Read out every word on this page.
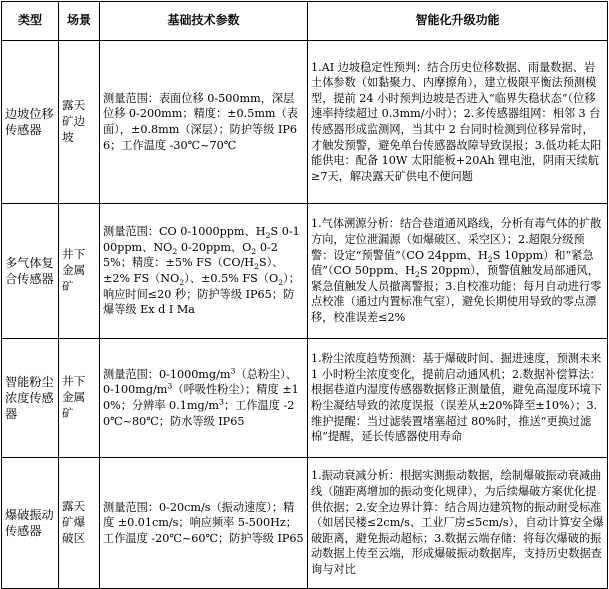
类型	场景	基础技术参数	智能化升级功能
边坡位移传感器	露天矿边坡	测量范围：表面位移 0-500mm，深层位移 0-200mm；精度：±0.5mm（表面），±0.8mm（深层）；防护等级 IP66；工作温度 -30℃~70℃	1.AI 边坡稳定性预判：结合历史位移数据、雨量数据、岩土体参数（如黏聚力、内摩擦角），建立极限平衡法预测模型，提前 24 小时预判边坡是否进入“临界失稳状态”（位移速率持续超过 0.3mm/小时）；2.多传感器组网：相邻 3 台传感器形成监测网，当其中 2 台同时检测到位移异常时，才触发预警，避免单台传感器故障导致误报；3.低功耗太阳能供电：配备 10W 太阳能板+20Ah 锂电池，阴雨天续航≥7天，解决露天矿供电不便问题
多气体复合传感器	井下金属矿	测量范围：CO 0-1000ppm、$H_2S$ 0-100ppm、$NO_2$ 0-20ppm、$O_2$ 0-25%；精度：±5% $FS(CO/H_2S)$、±2% $FS(NO_2)$、±0.5% $FS(O_2)$；响应时间≤20 秒；防护等级 IP65；防爆等级 Ex d I Ma	1.气体溯源分析：结合巷道通风路线，分析有毒气体的扩散方向，定位泄漏源（如爆破区、采空区）；2.超限分级预警：设定“预警值”（CO 24ppm、$H_2S$ 10ppm）和“紧急值”（CO 50ppm、$H_2S$ 20ppm），预警值触发局部通风，紧急值触发人员撤离警报；3.自校准功能：每月自动进行零点校准（通过内置标准气室），避免长期使用导致的零点漂移，校准误差≤2%
智能粉尘浓度传感器	井下金属矿	测量范围：$0-1000mg/m^3$（总粉尘）、$0-100mg/m^3$（呼吸性粉尘）；精度 ±10%；分辨率 $0.1mg/m^3$；工作温度 -20℃~80℃；防水等级 IP65	1.粉尘浓度趋势预测：基于爆破时间、掘进速度，预测未来 1 小时粉尘浓度变化，提前启动通风机；2.数据补偿算法：根据巷道内湿度传感器数据修正测量值，避免高湿度环境下粉尘凝结导致的浓度误报（误差从±20%降至±10%）；3.维护提醒：当过滤装置堵塞超过 80%时，推送“更换过滤棉”提醒，延长传感器使用寿命
爆破振动传感器	露天矿爆破区	测量范围：0-20cm/s（振动速度）；精度 ±0.01cm/s；响应频率 5-500Hz；工作温度 -20℃~60℃；防护等级 IP65	1.振动衰减分析：根据实测振动数据，绘制爆破振动衰减曲线（随距离增加的振动变化规律），为后续爆破方案优化提供依据；2.安全边界计算：结合周边建筑物的振动耐受标准（如居民楼≤2cm/s、工业厂房≤5cm/s），自动计算安全爆破距离，避免振动超标；3.数据云端存储：将每次爆破的振动数据上传至云端，形成爆破振动数据库，支持历史数据查询与对比
